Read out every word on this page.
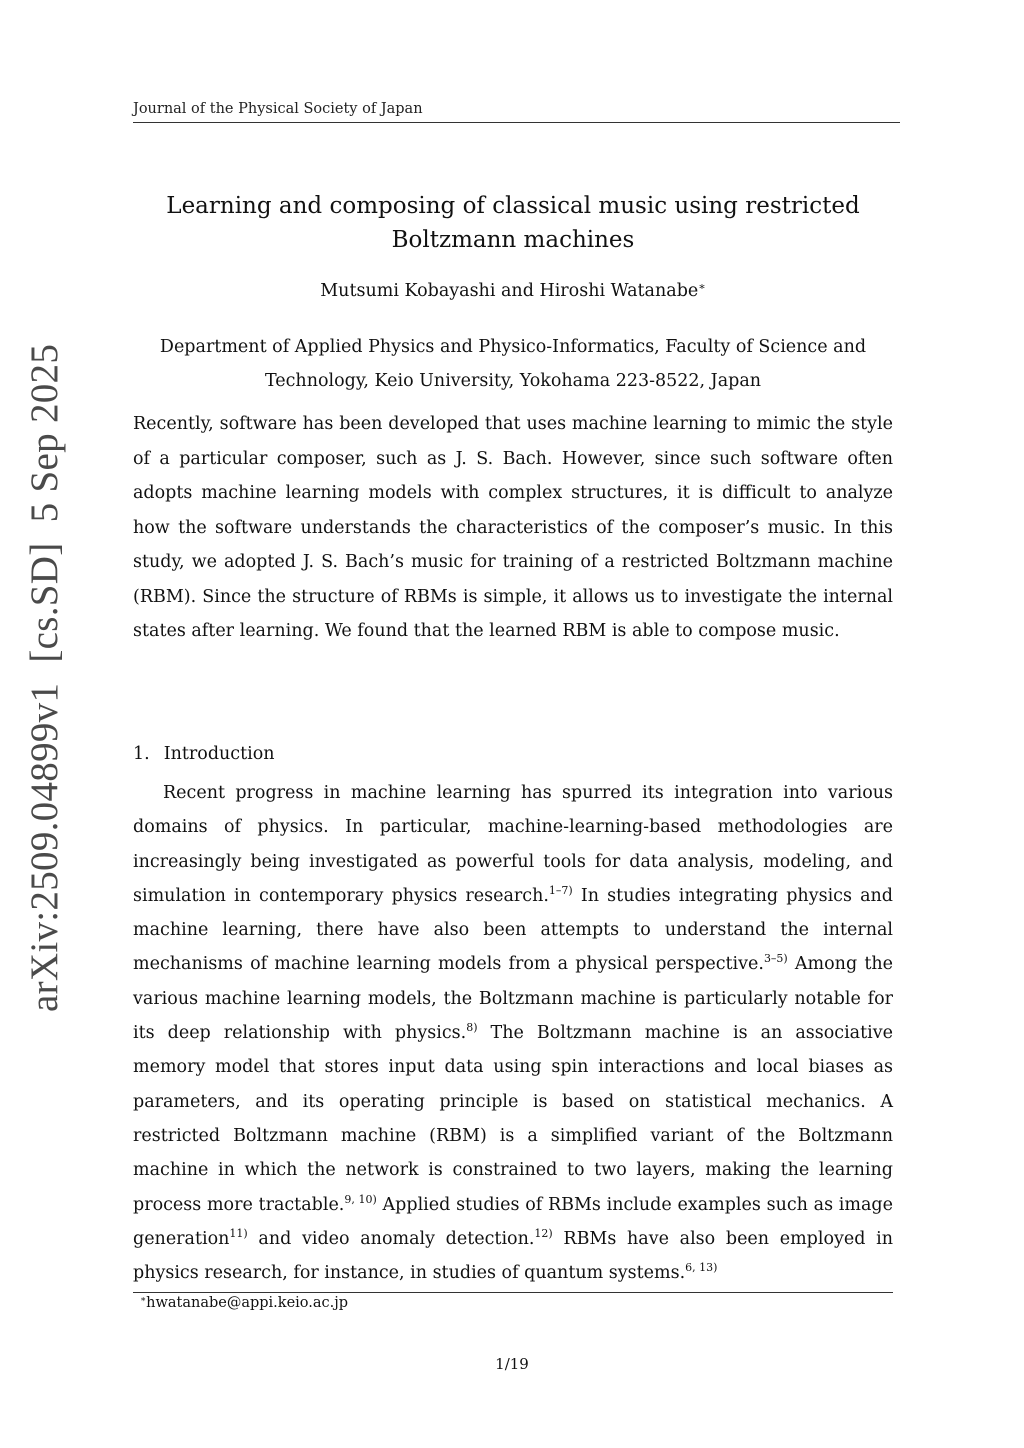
Journal of the Physical Society of Japan
arXiv:2509.04899v1  [cs.SD]  5 Sep 2025
Learning and composing of classical music using restricted Boltzmann machines
Mutsumi Kobayashi and Hiroshi Watanabe∗
Department of Applied Physics and Physico-Informatics, Faculty of Science and Technology, Keio University, Yokohama 223-8522, Japan
Recently, software has been developed that uses machine learning to mimic the style of a particular composer, such as J. S. Bach. However, since such software often adopts machine learning models with complex structures, it is difficult to analyze how the software understands the characteristics of the composer’s music. In this study, we adopted J. S. Bach’s music for training of a restricted Boltzmann machine (RBM). Since the structure of RBMs is simple, it allows us to investigate the internal states after learning. We found that the learned RBM is able to compose music.
1. Introduction
Recent progress in machine learning has spurred its integration into various domains of physics. In particular, machine-learning-based methodologies are increasingly being investigated as powerful tools for data analysis, modeling, and simulation in contemporary physics research.$^{1-7)}$ In studies integrating physics and machine learning, there have also been attempts to understand the internal mechanisms of machine learning models from a physical perspective.$^{3-5)}$ Among the various machine learning models, the Boltzmann machine is particularly notable for its deep relationship with physics.$^{8)}$ The Boltzmann machine is an associative memory model that stores input data using spin interactions and local biases as parameters, and its operating principle is based on statistical mechanics. A restricted Boltzmann machine (RBM) is a simplified variant of the Boltzmann machine in which the network is constrained to two layers, making the learning process more tractable.$^{9, 10)}$ Applied studies of RBMs include examples such as image generation$^{11)}$ and video anomaly detection.$^{12)}$ RBMs have also been employed in physics research, for instance, in studies of quantum systems.$^{6, 13)}$
∗hwatanabe@appi.keio.ac.jp
1/19
